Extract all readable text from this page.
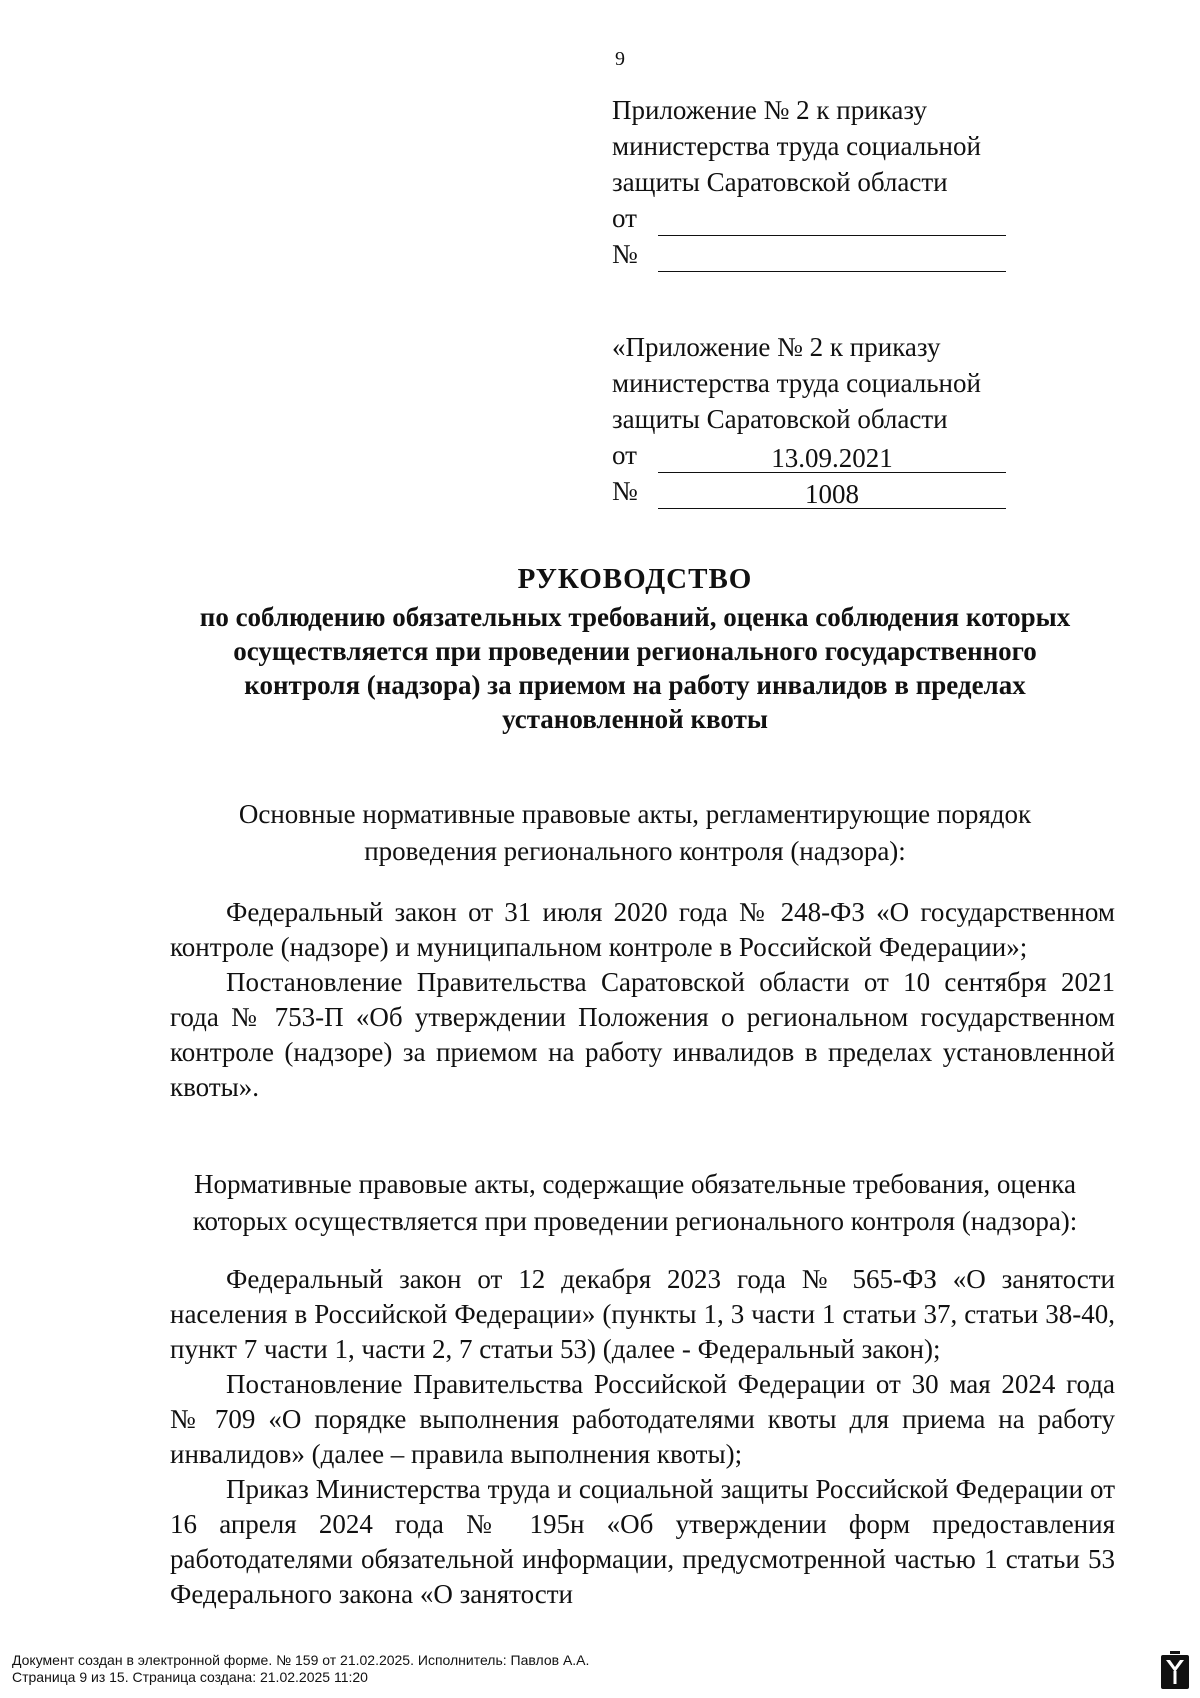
9
Приложение № 2 к приказу
министерства труда социальной
защиты Саратовской области
от
№
«Приложение № 2 к приказу
министерства труда социальной
защиты Саратовской области
от	13.09.2021
№	1008
РУКОВОДСТВО
по соблюдению обязательных требований, оценка соблюдения которых
осуществляется при проведении регионального государственного
контроля (надзора) за приемом на работу инвалидов в пределах
установленной квоты
Основные нормативные правовые акты, регламентирующие порядок
проведения регионального контроля (надзора):

Федеральный закон от 31 июля 2020 года № 248-ФЗ «О государственном контроле (надзоре) и муниципальном контроле в Российской Федерации»;

Постановление Правительства Саратовской области от 10 сентября 2021 года № 753-П «Об утверждении Положения о региональном государственном контроле (надзоре) за приемом на работу инвалидов в пределах установленной квоты».

Нормативные правовые акты, содержащие обязательные требования, оценка
которых осуществляется при проведении регионального контроля (надзора):

Федеральный закон от 12 декабря 2023 года № 565-ФЗ «О занятости населения в Российской Федерации» (пункты 1, 3 части 1 статьи 37, статьи 38-40, пункт 7 части 1, части 2, 7 статьи 53) (далее - Федеральный закон);

Постановление Правительства Российской Федерации от 30 мая 2024 года № 709 «О порядке выполнения работодателями квоты для приема на работу инвалидов» (далее – правила выполнения квоты);

Приказ Министерства труда и социальной защиты Российской Федерации от 16 апреля 2024 года № 195н «Об утверждении форм предоставления работодателями обязательной информации, предусмотренной частью 1 статьи 53 Федерального закона «О занятости

Документ создан в электронной форме. № 159 от 21.02.2025. Исполнитель: Павлов А.А.
Страница 9 из 15. Страница создана: 21.02.2025 11:20
